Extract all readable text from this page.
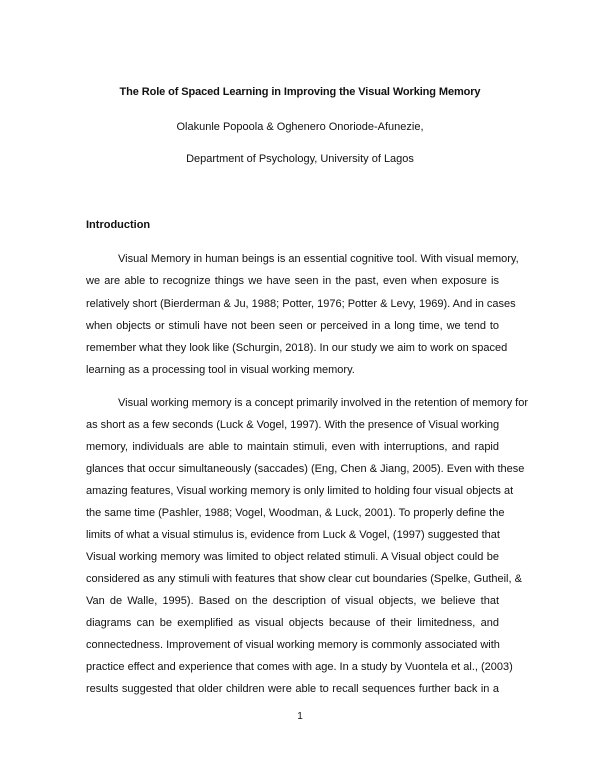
The Role of Spaced Learning in Improving the Visual Working Memory
Olakunle Popoola & Oghenero Onoriode-Afunezie,
Department of Psychology, University of Lagos
Introduction
Visual Memory in human beings is an essential cognitive tool. With visual memory,
we are able to recognize things we have seen in the past, even when exposure is
relatively short (Bierderman & Ju, 1988; Potter, 1976; Potter & Levy, 1969). And in cases
when objects or stimuli have not been seen or perceived in a long time, we tend to
remember what they look like (Schurgin, 2018). In our study we aim to work on spaced
learning as a processing tool in visual working memory.
Visual working memory is a concept primarily involved in the retention of memory for
as short as a few seconds (Luck & Vogel, 1997). With the presence of Visual working
memory, individuals are able to maintain stimuli, even with interruptions, and rapid
glances that occur simultaneously (saccades) (Eng, Chen & Jiang, 2005). Even with these
amazing features, Visual working memory is only limited to holding four visual objects at
the same time (Pashler, 1988; Vogel, Woodman, & Luck, 2001). To properly define the
limits of what a visual stimulus is, evidence from Luck & Vogel, (1997) suggested that
Visual working memory was limited to object related stimuli. A Visual object could be
considered as any stimuli with features that show clear cut boundaries (Spelke, Gutheil, &
Van de Walle, 1995). Based on the description of visual objects, we believe that
diagrams can be exemplified as visual objects because of their limitedness, and
connectedness. Improvement of visual working memory is commonly associated with
practice effect and experience that comes with age. In a study by Vuontela et al., (2003)
results suggested that older children were able to recall sequences further back in a
1
